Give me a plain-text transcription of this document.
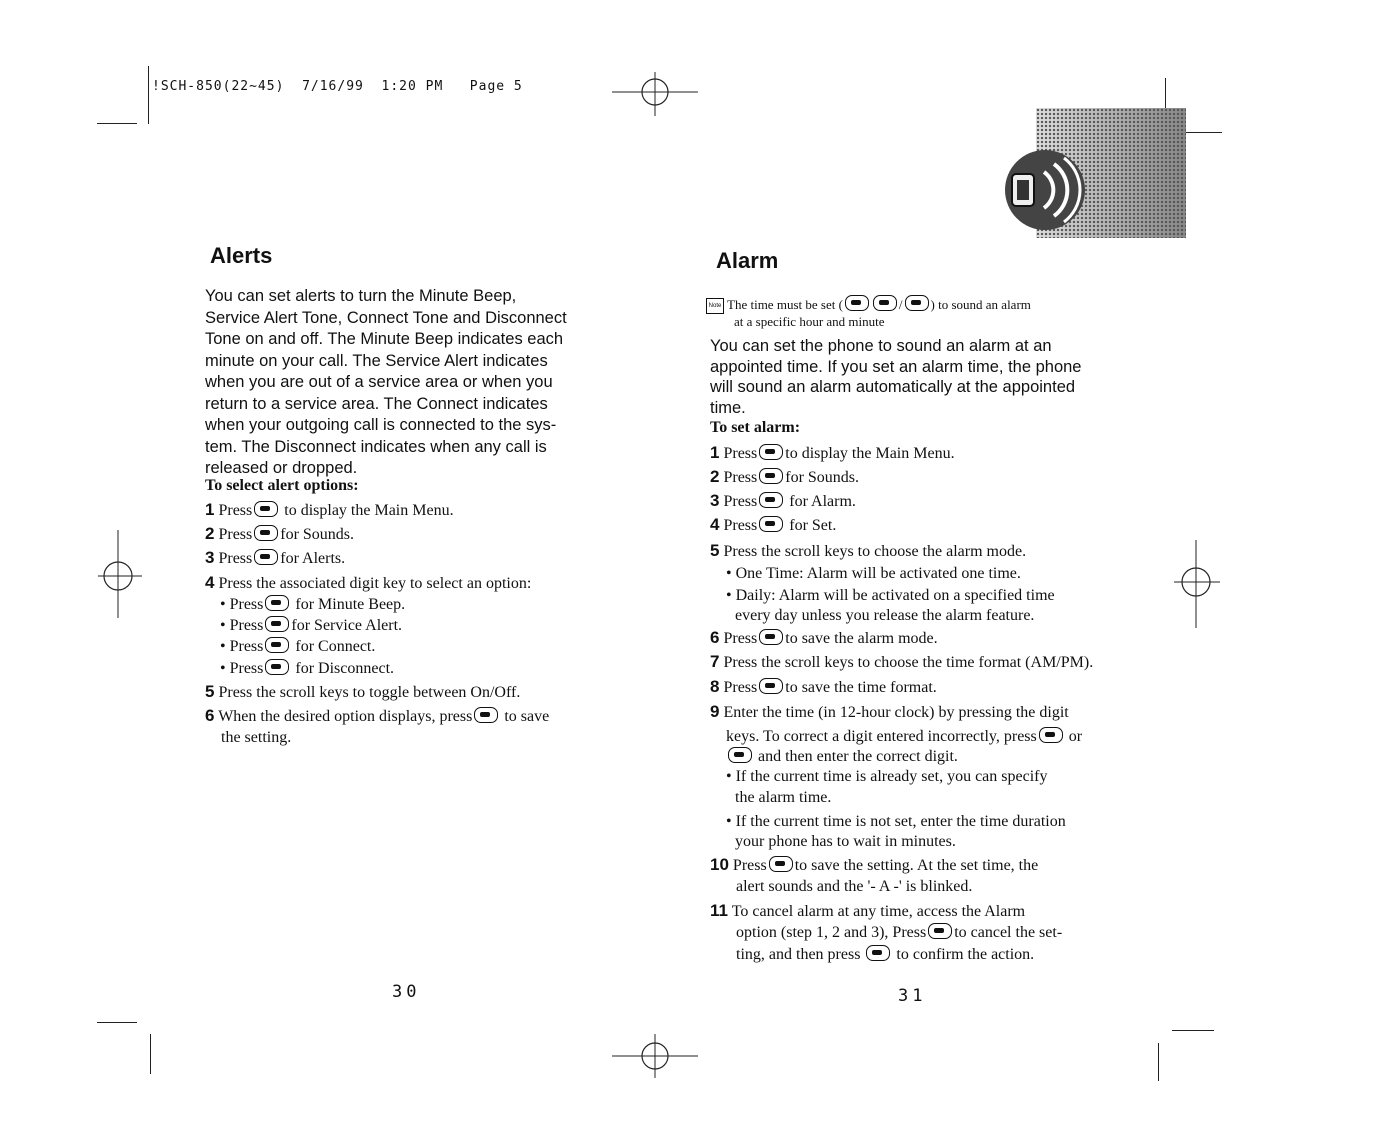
!SCH-850(22~45) 7/16/99 1:20 PM Page 5
Alerts
You can set alerts to turn the Minute Beep,
Service Alert Tone, Connect Tone and Disconnect
Tone on and off. The Minute Beep indicates each
minute on your call. The Service Alert indicates
when you are out of a service area or when you
return to a service area. The Connect indicates
when your outgoing call is connected to the sys-
tem. The Disconnect indicates when any call is
released or dropped.
To select alert options:
1 Press to display the Main Menu.
2 Press for Sounds.
3 Press for Alerts.
4 Press the associated digit key to select an option:
• Press for Minute Beep.
• Press for Service Alert.
• Press for Connect.
• Press for Disconnect.
5 Press the scroll keys to toggle between On/Off.
6 When the desired option displays, press to save
the setting.
30
Alarm
Note The time must be set (	/ ) to sound an alarm
at a specific hour and minute
You can set the phone to sound an alarm at an
appointed time. If you set an alarm time, the phone
will sound an alarm automatically at the appointed
time.
To set alarm:
1 Press to display the Main Menu.
2 Press for Sounds.
3 Press for Alarm.
4 Press for Set.
5 Press the scroll keys to choose the alarm mode.
• One Time: Alarm will be activated one time.
• Daily: Alarm will be activated on a specified time
every day unless you release the alarm feature.
6 Press to save the alarm mode.
7 Press the scroll keys to choose the time format (AM/PM).
8 Press to save the time format.
9 Enter the time (in 12-hour clock) by pressing the digit
keys. To correct a digit entered incorrectly, press or
and then enter the correct digit.
• If the current time is already set, you can specify
the alarm time.
• If the current time is not set, enter the time duration
your phone has to wait in minutes.
10 Press to save the setting. At the set time, the
alert sounds and the '- A -' is blinked.
11 To cancel alarm at any time, access the Alarm
option (step 1, 2 and 3), Press to cancel the set-
ting, and then press to confirm the action.
31
